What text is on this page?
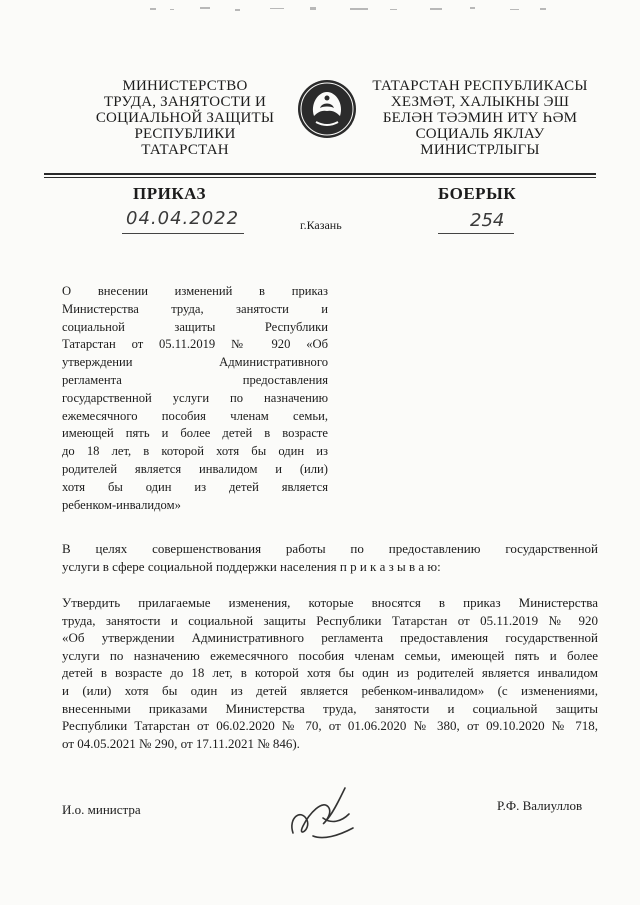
МИНИСТЕРСТВО
ТРУДА, ЗАНЯТОСТИ И
СОЦИАЛЬНОЙ ЗАЩИТЫ
РЕСПУБЛИКИ
ТАТАРСТАН
ТАТАРСТАН РЕСПУБЛИКАСЫ
ХЕЗМӘТ, ХАЛЫКНЫ ЭШ
БЕЛӘН ТӘЭМИН ИТҮ ҺӘМ
СОЦИАЛЬ ЯКЛАУ
МИНИСТРЛЫГЫ
ПРИКАЗ	БОЕРЫК
04.04.2022	г.Казань	254
О внесении изменений в приказ
Министерства труда, занятости и
социальной защиты Республики
Татарстан от 05.11.2019 № 920 «Об
утверждении Административного
регламента предоставления
государственной услуги по назначению
ежемесячного пособия членам семьи,
имеющей пять и более детей в возрасте
до 18 лет, в которой хотя бы один из
родителей является инвалидом и (или)
хотя бы один из детей является
ребенком-инвалидом»
В целях совершенствования работы по предоставлению государственной
услуги в сфере социальной поддержки населения п р и к а з ы в а ю:
Утвердить прилагаемые изменения, которые вносятся в приказ Министерства
труда, занятости и социальной защиты Республики Татарстан от 05.11.2019 № 920
«Об утверждении Административного регламента предоставления государственной
услуги по назначению ежемесячного пособия членам семьи, имеющей пять и более
детей в возрасте до 18 лет, в которой хотя бы один из родителей является инвалидом
и (или) хотя бы один из детей является ребенком-инвалидом» (с изменениями,
внесенными приказами Министерства труда, занятости и социальной защиты
Республики Татарстан от 06.02.2020 № 70, от 01.06.2020 № 380, от 09.10.2020 № 718,
от 04.05.2021 № 290, от 17.11.2021 № 846).
И.о. министра	Р.Ф. Валиуллов
